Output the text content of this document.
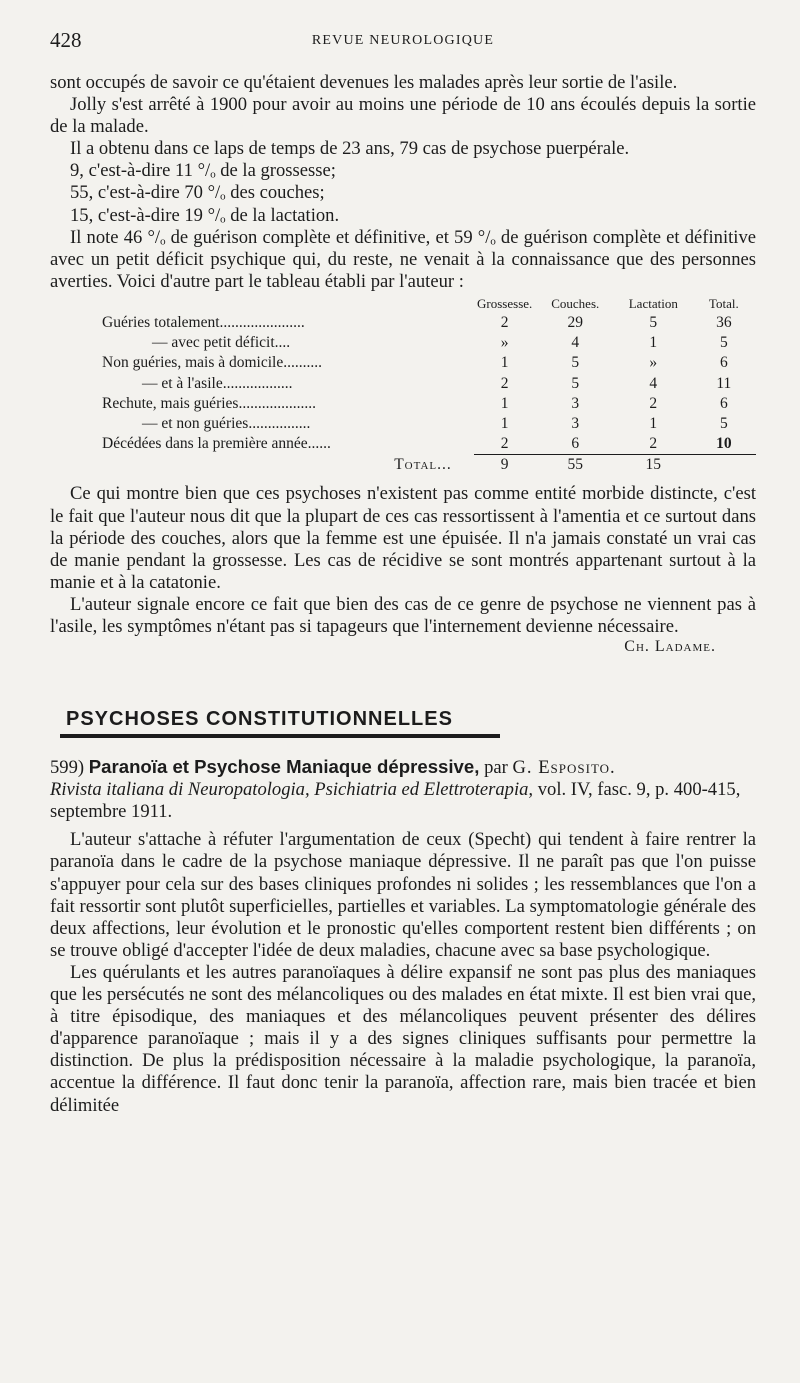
428	REVUE NEUROLOGIQUE

sont occupés de savoir ce qu'étaient devenues les malades après leur sortie de l'asile.

Jolly s'est arrêté à 1900 pour avoir au moins une période de 10 ans écoulés depuis la sortie de la malade.

Il a obtenu dans ce laps de temps de 23 ans, 79 cas de psychose puerpérale.

9, c'est-à-dire 11 °/ₒ de la grossesse;

55, c'est-à-dire 70 °/ₒ des couches;

15, c'est-à-dire 19 °/ₒ de la lactation.

Il note 46 °/ₒ de guérison complète et définitive, et 59 °/ₒ de guérison complète et définitive avec un petit déficit psychique qui, du reste, ne venait à la connaissance que des personnes averties. Voici d'autre part le tableau établi par l'auteur :

	Grossesse.	Couches.	Lactation	Total.
Guéries totalement......................	2	29	5	36
— avec petit déficit....	»	4	1	5
Non guéries, mais à domicile..........	1	5	»	6
— et à l'asile..................	2	5	4	11
Rechute, mais guéries....................	1	3	2	6
— et non guéries................	1	3	1	5
Décédées dans la première année......	2	6	2	10
Total...	9	55	15	

Ce qui montre bien que ces psychoses n'existent pas comme entité morbide distincte, c'est le fait que l'auteur nous dit que la plupart de ces cas ressortissent à l'amentia et ce surtout dans la période des couches, alors que la femme est une épuisée. Il n'a jamais constaté un vrai cas de manie pendant la grossesse. Les cas de récidive se sont montrés appartenant surtout à la manie et à la catatonie.

L'auteur signale encore ce fait que bien des cas de ce genre de psychose ne viennent pas à l'asile, les symptômes n'étant pas si tapageurs que l'internement devienne nécessaire.

Ch. Ladame.
PSYCHOSES CONSTITUTIONNELLES
599) Paranoïa et Psychose Maniaque dépressive, par G. Esposito.
Rivista italiana di Neuropatologia, Psichiatria ed Elettroterapia, vol. IV, fasc. 9, p. 400-415, septembre 1911.

L'auteur s'attache à réfuter l'argumentation de ceux (Specht) qui tendent à faire rentrer la paranoïa dans le cadre de la psychose maniaque dépressive. Il ne paraît pas que l'on puisse s'appuyer pour cela sur des bases cliniques profondes ni solides ; les ressemblances que l'on a fait ressortir sont plutôt superficielles, partielles et variables. La symptomatologie générale des deux affections, leur évolution et le pronostic qu'elles comportent restent bien différents ; on se trouve obligé d'accepter l'idée de deux maladies, chacune avec sa base psychologique.

Les quérulants et les autres paranoïaques à délire expansif ne sont pas plus des maniaques que les persécutés ne sont des mélancoliques ou des malades en état mixte. Il est bien vrai que, à titre épisodique, des maniaques et des mélancoliques peuvent présenter des délires d'apparence paranoïaque ; mais il y a des signes cliniques suffisants pour permettre la distinction. De plus la prédisposition nécessaire à la maladie psychologique, la paranoïa, accentue la différence. Il faut donc tenir la paranoïa, affection rare, mais bien tracée et bien délimitée
